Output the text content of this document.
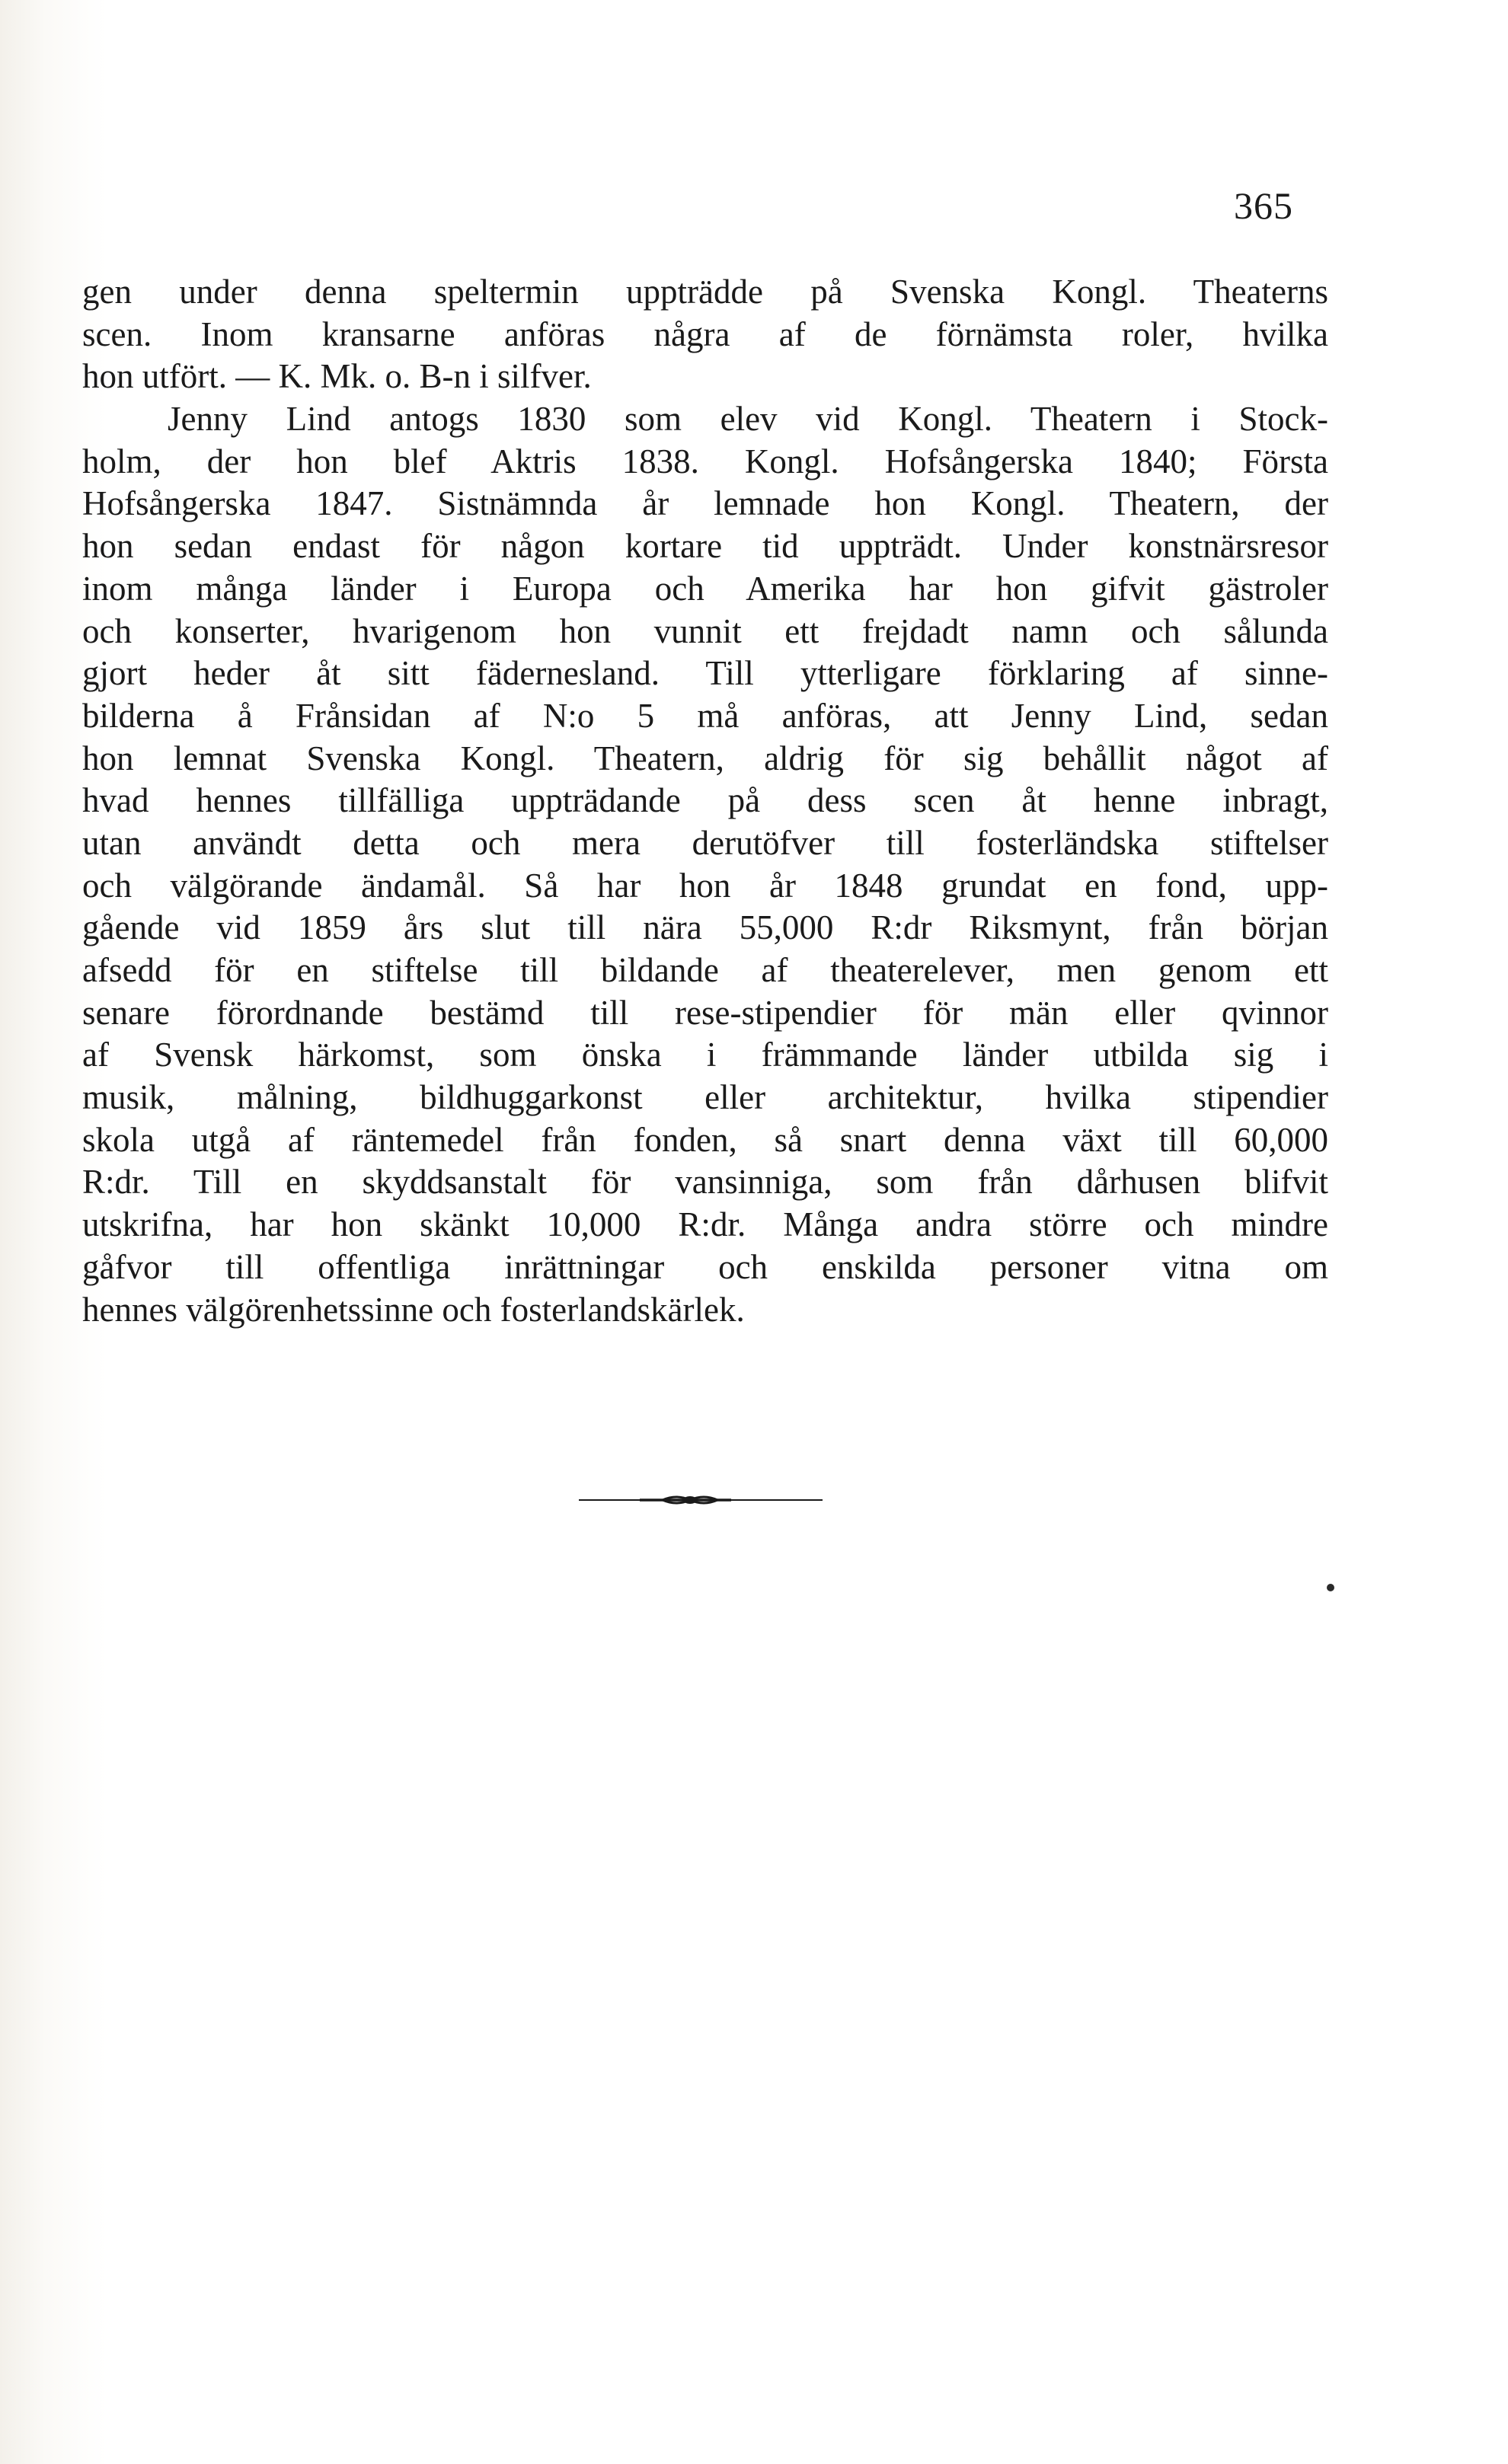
365
gen under denna speltermin uppträdde på Svenska Kongl. Theaterns
scen. Inom kransarne anföras några af de förnämsta roler, hvilka
hon utfört. — K. Mk. o. B-n i silfver.
Jenny Lind antogs 1830 som elev vid Kongl. Theatern i Stock-
holm, der hon blef Aktris 1838. Kongl. Hofsångerska 1840; Första
Hofsångerska 1847. Sistnämnda år lemnade hon Kongl. Theatern, der
hon sedan endast för någon kortare tid uppträdt. Under konstnärsresor
inom många länder i Europa och Amerika har hon gifvit gästroler
och konserter, hvarigenom hon vunnit ett frejdadt namn och sålunda
gjort heder åt sitt fädernesland. Till ytterligare förklaring af sinne-
bilderna å Frånsidan af N:o 5 må anföras, att Jenny Lind, sedan
hon lemnat Svenska Kongl. Theatern, aldrig för sig behållit något af
hvad hennes tillfälliga uppträdande på dess scen åt henne inbragt,
utan användt detta och mera derutöfver till fosterländska stiftelser
och välgörande ändamål. Så har hon år 1848 grundat en fond, upp-
gående vid 1859 års slut till nära 55,000 R:dr Riksmynt, från början
afsedd för en stiftelse till bildande af theaterelever, men genom ett
senare förordnande bestämd till rese-stipendier för män eller qvinnor
af Svensk härkomst, som önska i främmande länder utbilda sig i
musik, målning, bildhuggarkonst eller architektur, hvilka stipendier
skola utgå af räntemedel från fonden, så snart denna växt till 60,000
R:dr. Till en skyddsanstalt för vansinniga, som från dårhusen blifvit
utskrifna, har hon skänkt 10,000 R:dr. Många andra större och mindre
gåfvor till offentliga inrättningar och enskilda personer vitna om
hennes välgörenhetssinne och fosterlandskärlek.
